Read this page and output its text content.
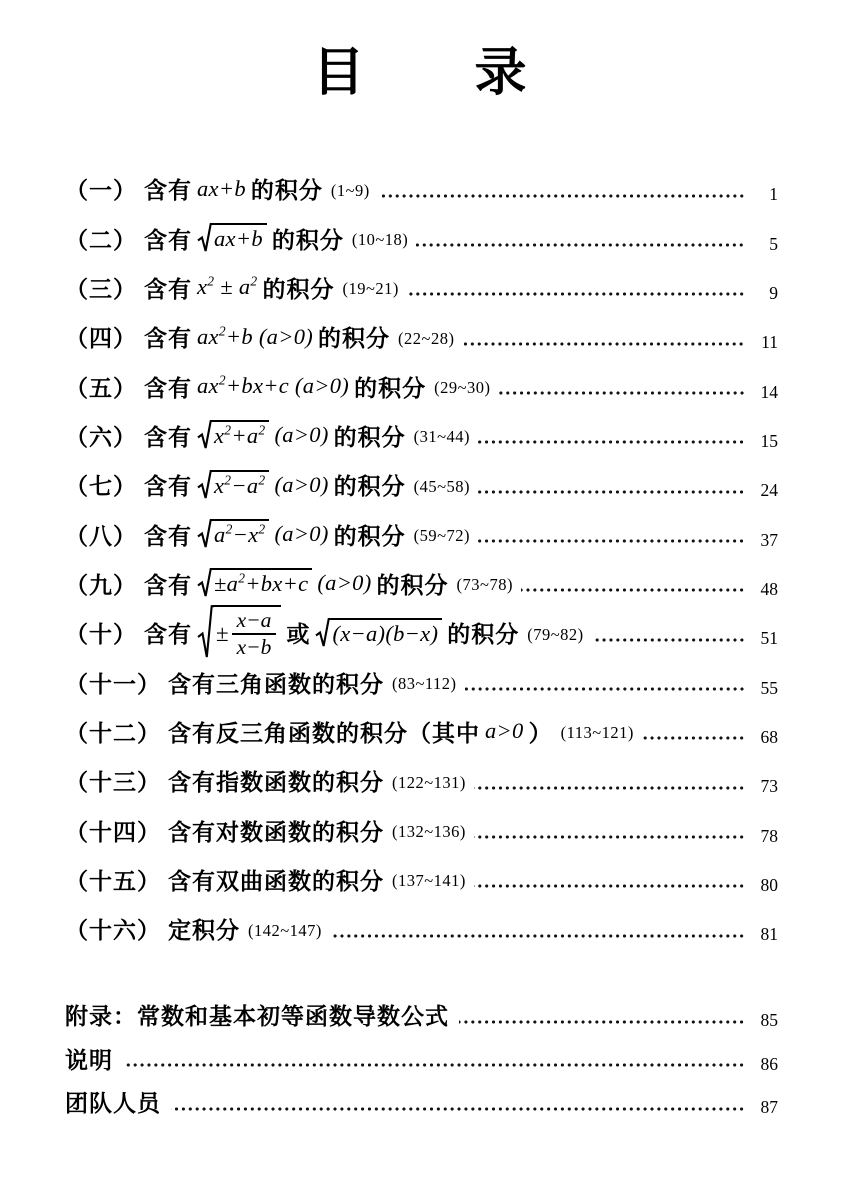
目　　录
（一） 含有 ax+b 的积分 (1~9)	1
（二） 含有 ax+b 的积分 (10~18)	5
（三） 含有 $x^2 \pm a^2$ 的积分 (19~21)	9
（四） 含有 $ax^2+b$ (a>0) 的积分 (22~28)	11
（五） 含有 $ax^2+bx+c$ (a>0) 的积分 (29~30)	14
（六） 含有 $x^2+a^2$ (a>0) 的积分 (31~44)	15
（七） 含有 $x^2-a^2$ (a>0) 的积分 (45~58)	24
（八） 含有 $a^2-x^2$ (a>0) 的积分 (59~72)	37
（九） 含有 $\pm a^2+bx+c$ (a>0) 的积分 (73~78)	48
（十） 含有 ± $\frac{x-a}{x-b}$ 或 (x−a)(b−x) 的积分 (79~82)	51
（十一） 含有三角函数的积分 (83~112)	55
（十二） 含有反三角函数的积分（其中 a>0 ） (113~121)	68
（十三） 含有指数函数的积分 (122~131)	73
（十四） 含有对数函数的积分 (132~136)	78
（十五） 含有双曲函数的积分 (137~141)	80
（十六） 定积分 (142~147)	81
附录：常数和基本初等函数导数公式	85
说明	86
团队人员	87
